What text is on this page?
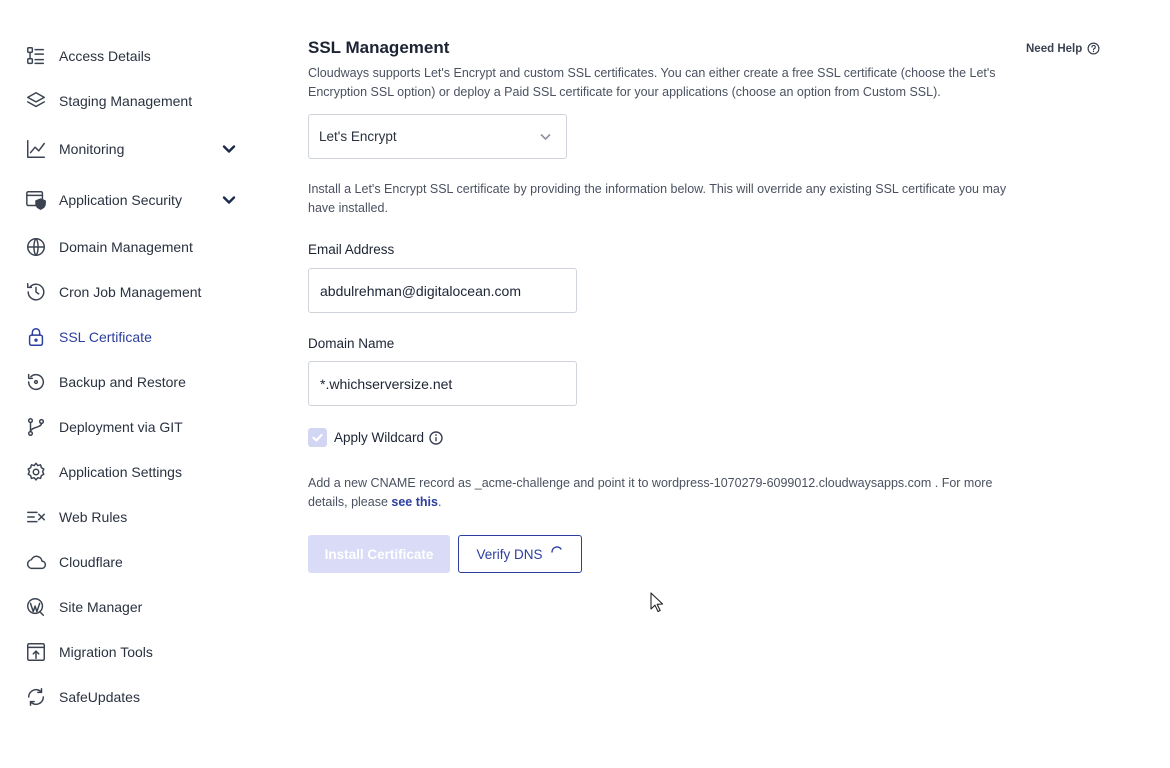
Access Details
Staging Management
Monitoring
Application Security
Domain Management
Cron Job Management
SSL Certificate
Backup and Restore
Deployment via GIT
Application Settings
Web Rules
Cloudflare
Site Manager
Migration Tools
SafeUpdates
SSL Management	Need Help

Cloudways supports Let's Encrypt and custom SSL certificates. You can either create a free SSL certificate (choose the Let's Encryption SSL option) or deploy a Paid SSL certificate for your applications (choose an option from Custom SSL).

Let's Encrypt

Install a Let's Encrypt SSL certificate by providing the information below. This will override any existing SSL certificate you may have installed.

Email Address
abdulrehman@digitalocean.com
Domain Name
*.whichserversize.net
Apply Wildcard

Add a new CNAME record as _acme-challenge and point it to wordpress-1070279-6099012.cloudwaysapps.com . For more details, please see this.

Install Certificate	Verify DNS
